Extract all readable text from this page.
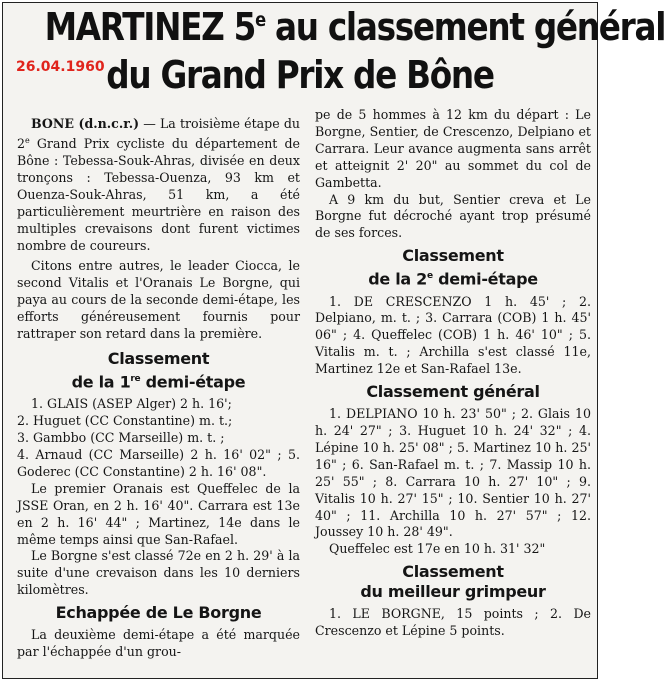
MARTINEZ 5e au classement général
26.04.1960 du Grand Prix de Bône

BONE (d.n.c.r.) — La troisième étape du 2e Grand Prix cycliste du département de Bône : Tebessa-Souk-Ahras, divisée en deux tronçons : Tebessa-Ouenza, 93 km et Ouenza-Souk-Ahras, 51 km, a été particulièrement meurtrière en raison des multiples crevaisons dont furent victimes nombre de coureurs.

Citons entre autres, le leader Ciocca, le second Vitalis et l'Oranais Le Borgne, qui paya au cours de la seconde demi-étape, les efforts généreusement fournis pour rattraper son retard dans la première.

Classement
de la 1re demi-étape

1. GLAIS (ASEP Alger) 2 h. 16';

2. Huguet (CC Constantine) m. t.;

3. Gambbo (CC Marseille) m. t. ;

4. Arnaud (CC Marseille) 2 h. 16' 02" ; 5. Goderec (CC Constantine) 2 h. 16' 08".

Le premier Oranais est Queffelec de la JSSE Oran, en 2 h. 16' 40". Carrara est 13e en 2 h. 16' 44" ; Martinez, 14e dans le même temps ainsi que San-Rafael.

Le Borgne s'est classé 72e en 2 h. 29' à la suite d'une crevaison dans les 10 derniers kilomètres.

Echappée de Le Borgne

La deuxième demi-étape a été marquée par l'échappée d'un grou-

pe de 5 hommes à 12 km du départ : Le Borgne, Sentier, de Crescenzo, Delpiano et Carrara. Leur avance augmenta sans arrêt et atteignit 2' 20" au sommet du col de Gambetta.

A 9 km du but, Sentier creva et Le Borgne fut décroché ayant trop présumé de ses forces.

Classement
de la 2e demi-étape

1. DE CRESCENZO 1 h. 45' ; 2. Delpiano, m. t. ; 3. Carrara (COB) 1 h. 45' 06" ; 4. Queffelec (COB) 1 h. 46' 10" ; 5. Vitalis m. t. ; Archilla s'est classé 11e, Martinez 12e et San-Rafael 13e.

Classement général

1. DELPIANO 10 h. 23' 50" ; 2. Glais 10 h. 24' 27" ; 3. Huguet 10 h. 24' 32" ; 4. Lépine 10 h. 25' 08" ; 5. Martinez 10 h. 25' 16" ; 6. San-Rafael m. t. ; 7. Massip 10 h. 25' 55" ; 8. Carrara 10 h. 27' 10" ; 9. Vitalis 10 h. 27' 15" ; 10. Sentier 10 h. 27' 40" ; 11. Archilla 10 h. 27' 57" ; 12. Joussey 10 h. 28' 49".

Queffelec est 17e en 10 h. 31' 32"

Classement
du meilleur grimpeur

1. LE BORGNE, 15 points ; 2. De Crescenzo et Lépine 5 points.
